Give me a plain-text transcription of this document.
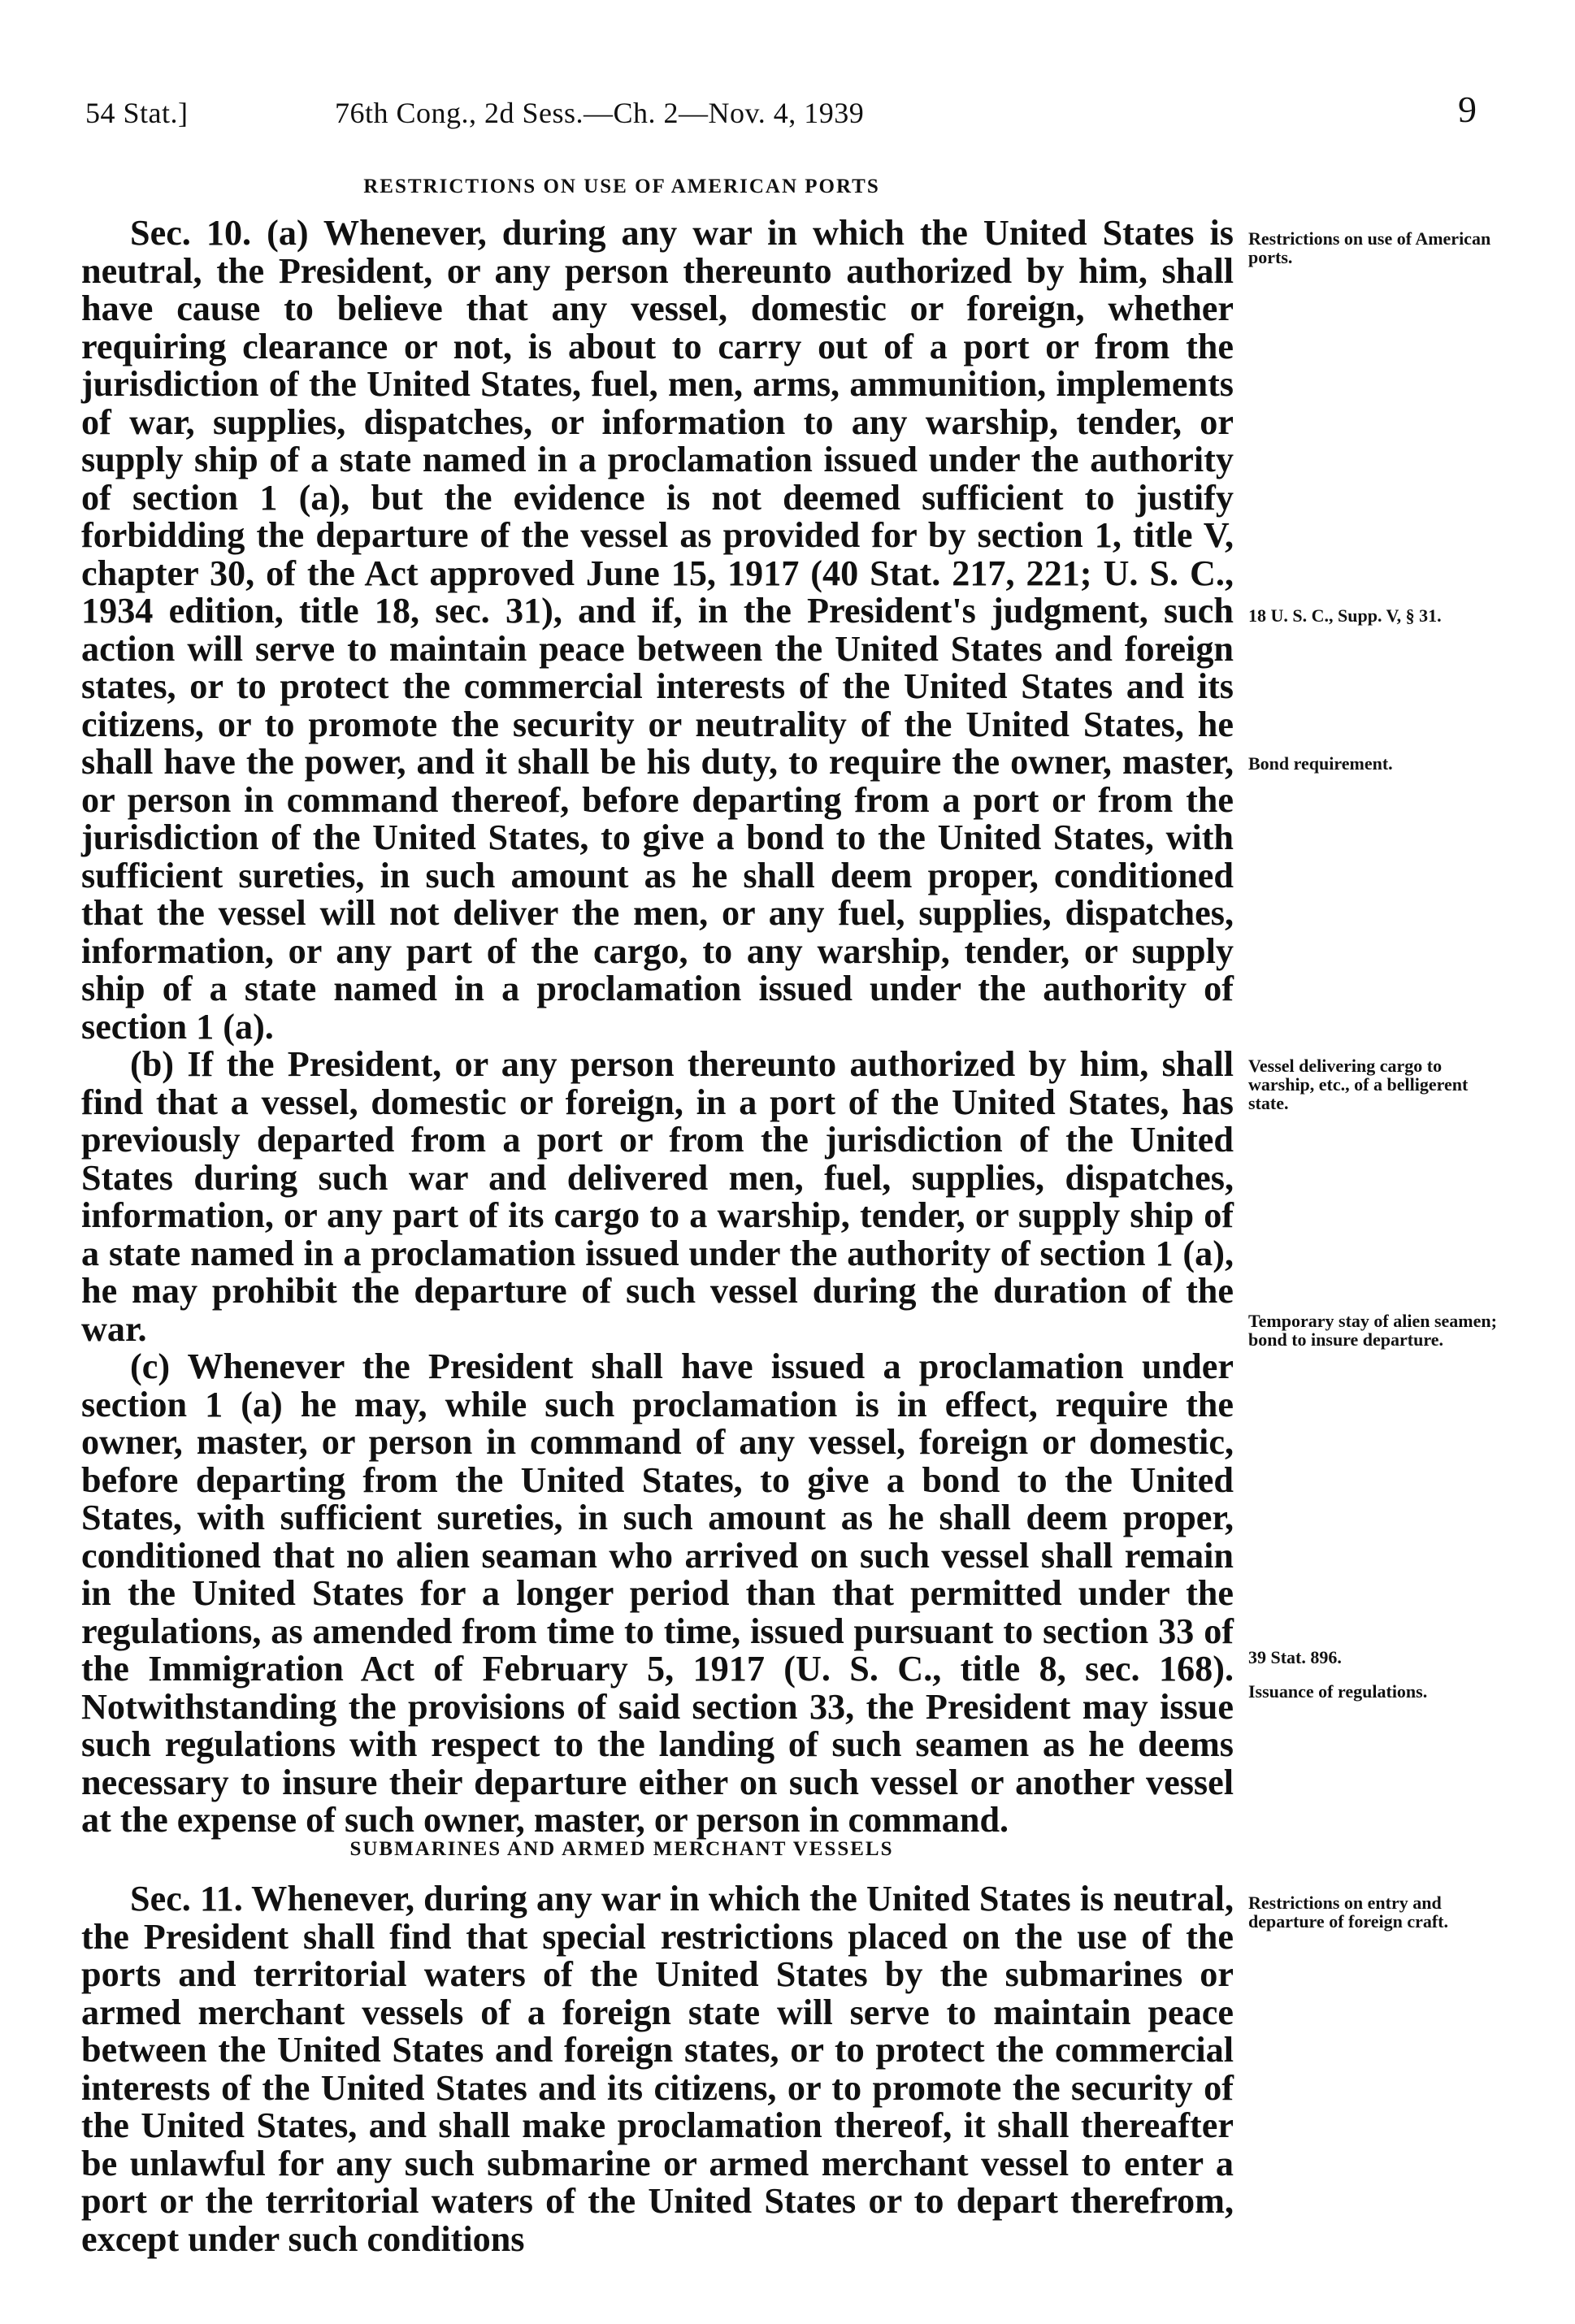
54 Stat.]	76th Cong., 2d Sess.—Ch. 2—Nov. 4, 1939	9
RESTRICTIONS ON USE OF AMERICAN PORTS

Sec. 10. (a) Whenever, during any war in which the United States is neutral, the President, or any person thereunto authorized by him, shall have cause to believe that any vessel, domestic or foreign, whether requiring clearance or not, is about to carry out of a port or from the jurisdiction of the United States, fuel, men, arms, ammunition, implements of war, supplies, dispatches, or information to any warship, tender, or supply ship of a state named in a proclamation issued under the authority of section 1 (a), but the evidence is not deemed sufficient to justify forbidding the departure of the vessel as provided for by section 1, title V, chapter 30, of the Act approved June 15, 1917 (40 Stat. 217, 221; U. S. C., 1934 edition, title 18, sec. 31), and if, in the President's judgment, such action will serve to maintain peace between the United States and foreign states, or to protect the commercial interests of the United States and its citizens, or to promote the security or neutrality of the United States, he shall have the power, and it shall be his duty, to require the owner, master, or person in command thereof, before departing from a port or from the jurisdiction of the United States, to give a bond to the United States, with sufficient sureties, in such amount as he shall deem proper, conditioned that the vessel will not deliver the men, or any fuel, supplies, dispatches, information, or any part of the cargo, to any warship, tender, or supply ship of a state named in a proclamation issued under the authority of section 1 (a).

(b) If the President, or any person thereunto authorized by him, shall find that a vessel, domestic or foreign, in a port of the United States, has previously departed from a port or from the jurisdiction of the United States during such war and delivered men, fuel, supplies, dispatches, information, or any part of its cargo to a warship, tender, or supply ship of a state named in a proclamation issued under the authority of section 1 (a), he may prohibit the departure of such vessel during the duration of the war.

(c) Whenever the President shall have issued a proclamation under section 1 (a) he may, while such proclamation is in effect, require the owner, master, or person in command of any vessel, foreign or domestic, before departing from the United States, to give a bond to the United States, with sufficient sureties, in such amount as he shall deem proper, conditioned that no alien seaman who arrived on such vessel shall remain in the United States for a longer period than that permitted under the regulations, as amended from time to time, issued pursuant to section 33 of the Immigration Act of February 5, 1917 (U. S. C., title 8, sec. 168). Notwithstanding the provisions of said section 33, the President may issue such regulations with respect to the landing of such seamen as he deems necessary to insure their departure either on such vessel or another vessel at the expense of such owner, master, or person in command.

SUBMARINES AND ARMED MERCHANT VESSELS

Sec. 11. Whenever, during any war in which the United States is neutral, the President shall find that special restrictions placed on the use of the ports and territorial waters of the United States by the submarines or armed merchant vessels of a foreign state will serve to maintain peace between the United States and foreign states, or to protect the commercial interests of the United States and its citizens, or to promote the security of the United States, and shall make proclamation thereof, it shall thereafter be unlawful for any such submarine or armed merchant vessel to enter a port or the territorial waters of the United States or to depart therefrom, except under such conditions

Restrictions on use of American ports.
18 U. S. C., Supp. V, § 31.
Bond requirement.
Vessel delivering cargo to warship, etc., of a belligerent state.
Temporary stay of alien seamen; bond to insure departure.
39 Stat. 896.
Issuance of regulations.
Restrictions on entry and departure of foreign craft.
